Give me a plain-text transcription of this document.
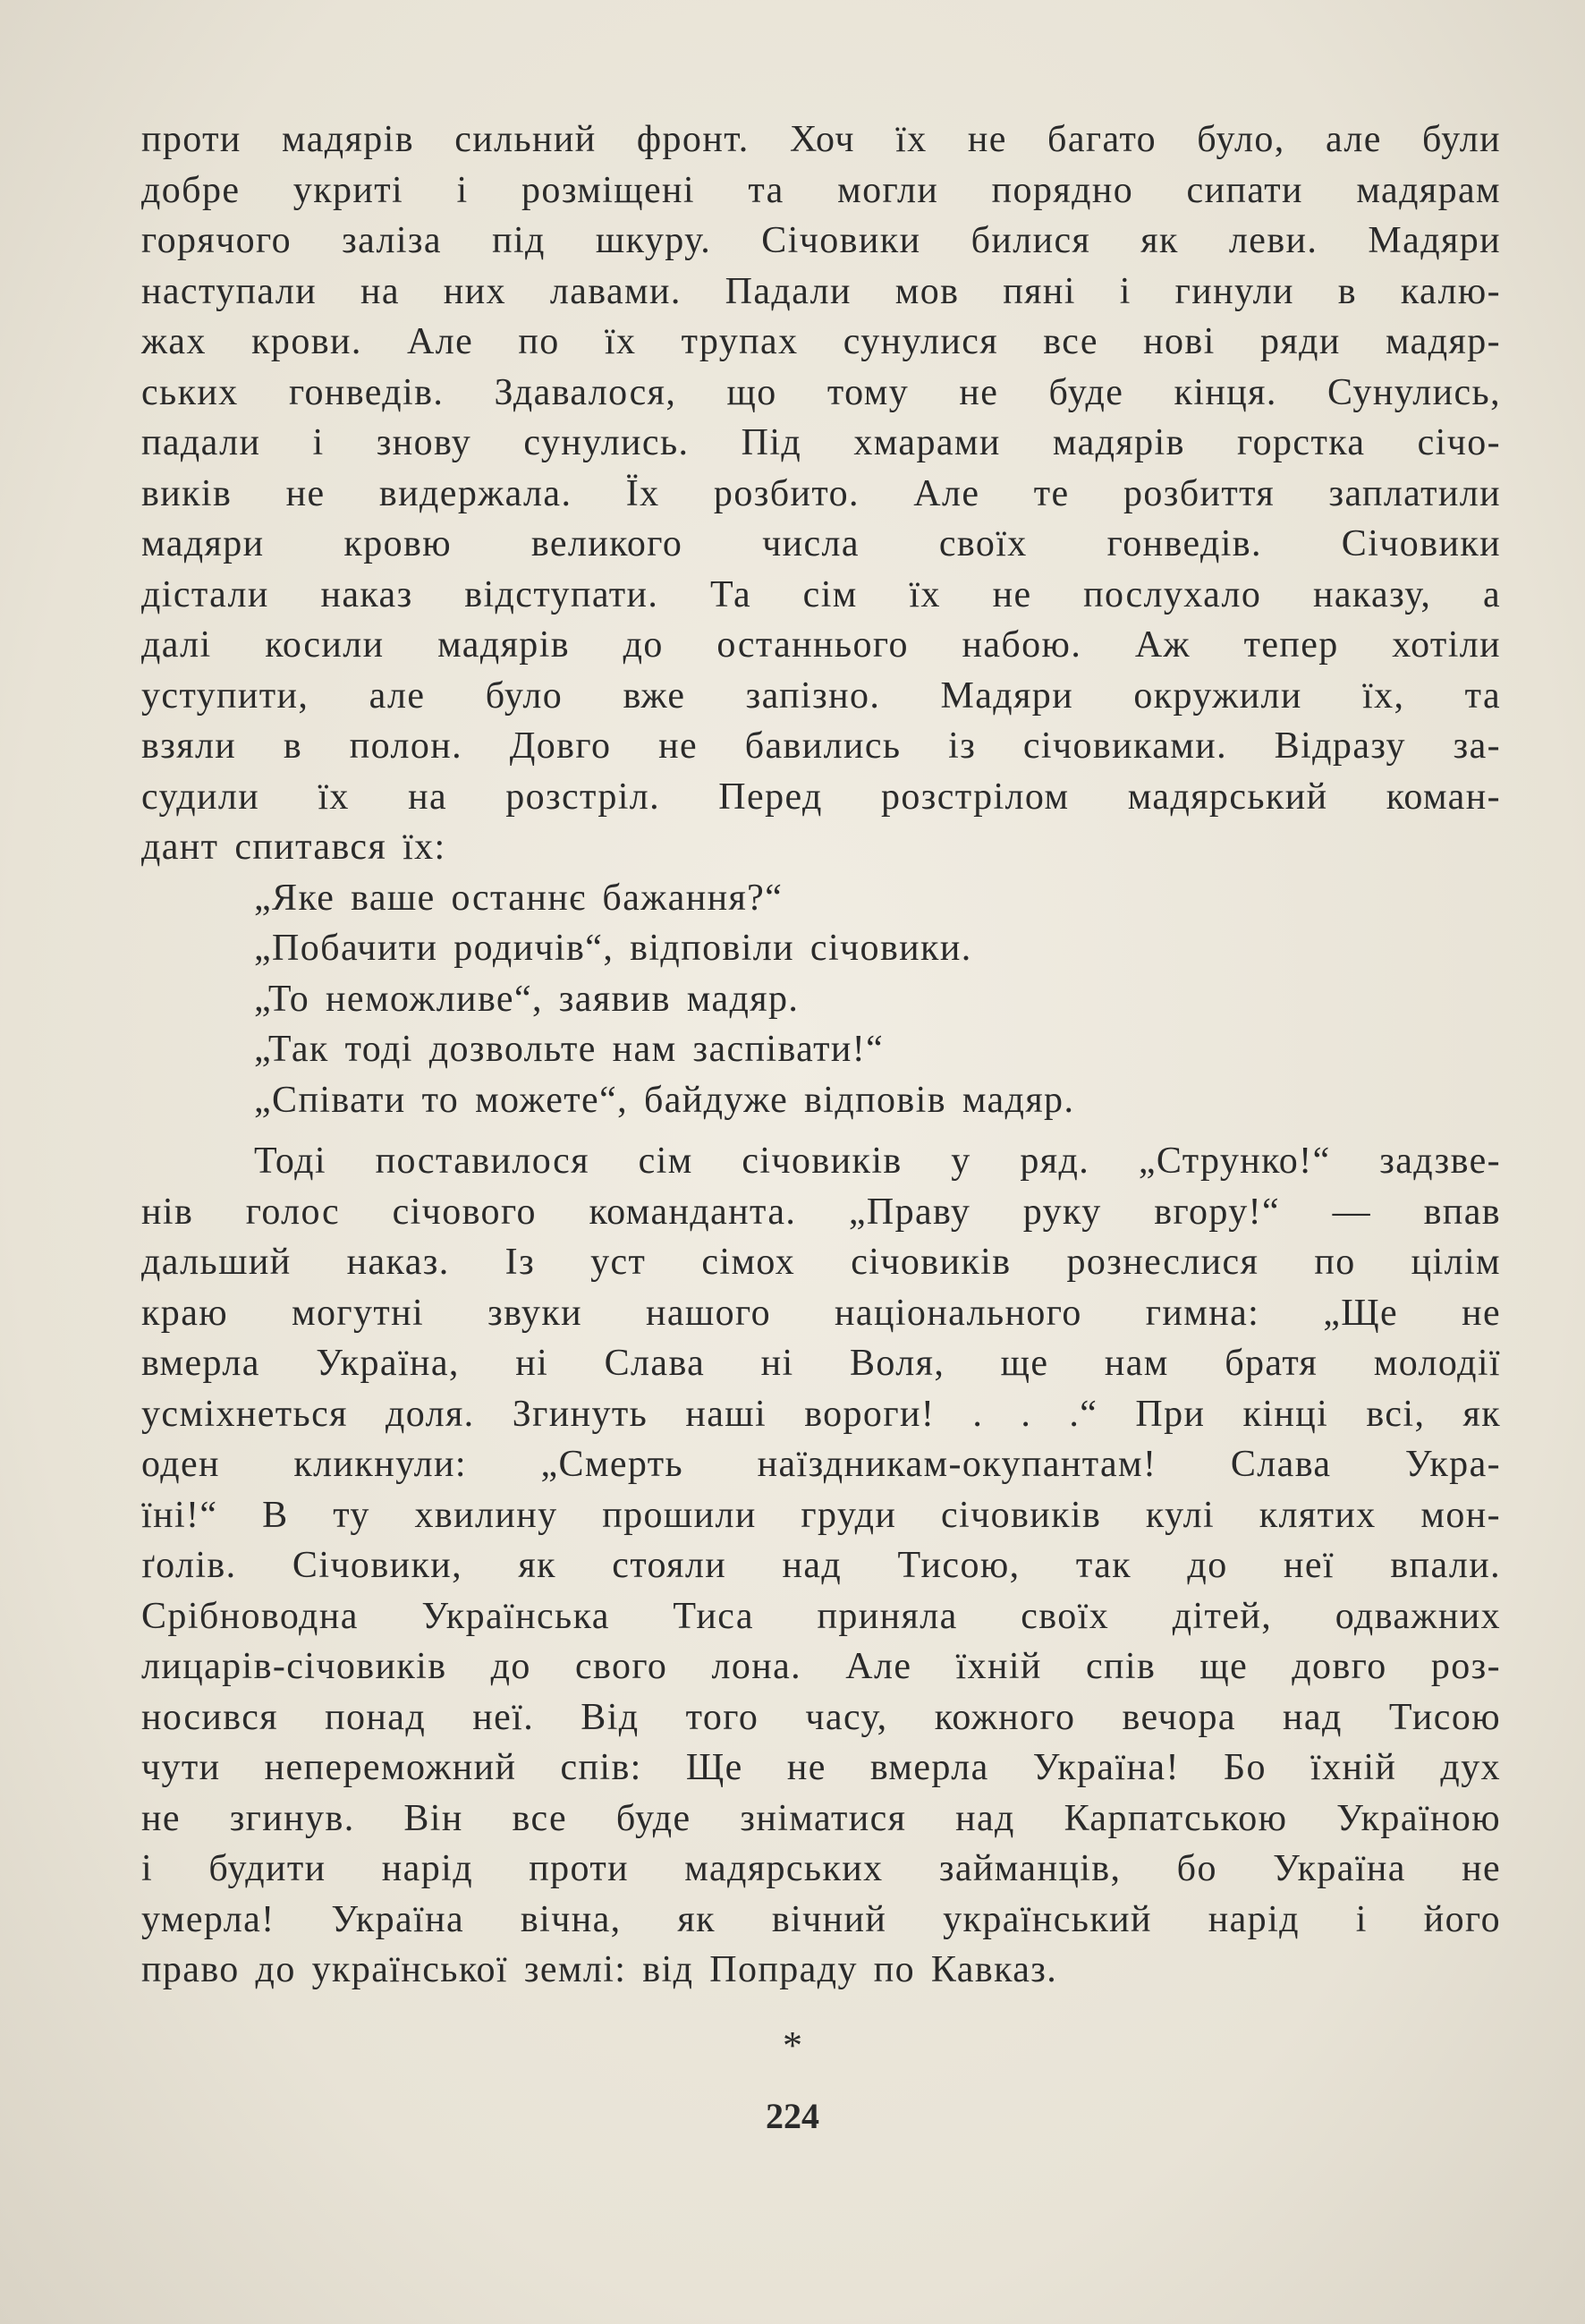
проти мадярів сильний фронт. Хоч їх не багато було, але були
добре укриті і розміщені та могли порядно сипати мадярам
горячого заліза під шкуру. Січовики билися як леви. Мадяри
наступали на них лавами. Падали мов пяні і гинули в калю-
жах крови. Але по їх трупах сунулися все нові ряди мадяр-
ських гонведів. Здавалося, що тому не буде кінця. Сунулись,
падали і знову сунулись. Під хмарами мадярів горстка січо-
виків не видержала. Їх розбито. Але те розбиття заплатили
мадяри кровю великого числа своїх гонведів. Січовики
дістали наказ відступати. Та сім їх не послухало наказу, а
далі косили мадярів до останнього набою. Аж тепер хотіли
уступити, але було вже запізно. Мадяри окружили їх, та
взяли в полон. Довго не бавились із січовиками. Відразу за-
судили їх на розстріл. Перед розстрілом мадярський коман-
дант спитався їх:

„Яке ваше останнє бажання?“
„Побачити родичів“, відповіли січовики.
„То неможливе“, заявив мадяр.
„Так тоді дозвольте нам заспівати!“
„Співати то можете“, байдуже відповів мадяр.

Тоді поставилося сім січовиків у ряд. „Струнко!“ задзве-
нів голос січового команданта. „Праву руку вгору!“ — впав
дальший наказ. Із уст сімох січовиків рознеслися по цілім
краю могутні звуки нашого національного гимна: „Ще не
вмерла Україна, ні Слава ні Воля, ще нам братя молодії
усміхнеться доля. Згинуть наші вороги! . . .“ При кінці всі, як
оден кликнули: „Смерть наїздникам-окупантам! Слава Укра-
їні!“ В ту хвилину прошили груди січовиків кулі клятих мон-
ґолів. Січовики, як стояли над Тисою, так до неї впали.
Срібноводна Українська Тиса приняла своїх дітей, одважних
лицарів-січовиків до свого лона. Але їхній спів ще довго роз-
носився понад неї. Від того часу, кожного вечора над Тисою
чути непереможний спів: Ще не вмерла Україна! Бо їхній дух
не згинув. Він все буде зніматися над Карпатською Україною
і будити нарід проти мадярських займанців, бо Україна не
умерла! Україна вічна, як вічний український нарід і його
право до української землі: від Попраду по Кавказ.

*
224
